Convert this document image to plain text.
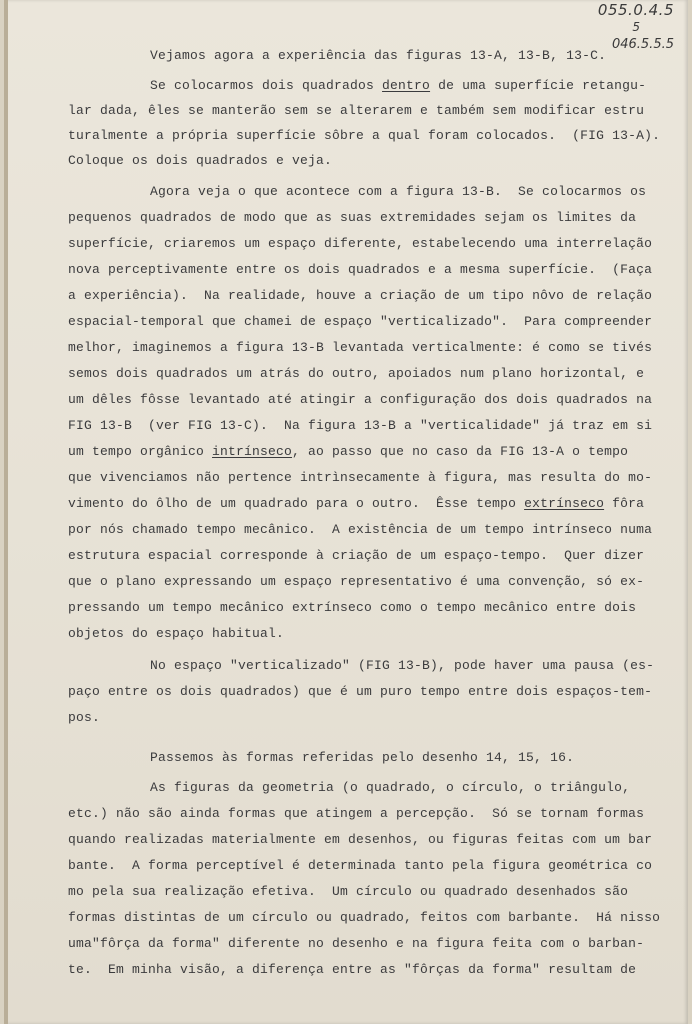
055.0.4.5
5
046.5.5.5
Vejamos agora a experiência das figuras 13-A, 13-B, 13-C.
Se colocarmos dois quadrados dentro de uma superfície retangu-
lar dada, êles se manterão sem se alterarem e também sem modificar estru
turalmente a própria superfície sôbre a qual foram colocados.  (FIG 13-A).
Coloque os dois quadrados e veja.
Agora veja o que acontece com a figura 13-B.  Se colocarmos os
pequenos quadrados de modo que as suas extremidades sejam os limites da
superfície, criaremos um espaço diferente, estabelecendo uma interrelação
nova perceptivamente entre os dois quadrados e a mesma superfície.  (Faça
a experiência).  Na realidade, houve a criação de um tipo nôvo de relação
espacial-temporal que chamei de espaço "verticalizado".  Para compreender
melhor, imaginemos a figura 13-B levantada verticalmente: é como se tivés
semos dois quadrados um atrás do outro, apoiados num plano horizontal, e
um dêles fôsse levantado até atingir a configuração dos dois quadrados na
FIG 13-B  (ver FIG 13-C).  Na figura 13-B a "verticalidade" já traz em si
um tempo orgânico intrínseco, ao passo que no caso da FIG 13-A o tempo
que vivenciamos não pertence intrìnsecamente à figura, mas resulta do mo-
vimento do ôlho de um quadrado para o outro.  Êsse tempo extrínseco fôra
por nós chamado tempo mecânico.  A existência de um tempo intrínseco numa
estrutura espacial corresponde à criação de um espaço-tempo.  Quer dizer
que o plano expressando um espaço representativo é uma convenção, só ex-
pressando um tempo mecânico extrínseco como o tempo mecânico entre dois
objetos do espaço habitual.
No espaço "verticalizado" (FIG 13-B), pode haver uma pausa (es-
paço entre os dois quadrados) que é um puro tempo entre dois espaços-tem-
pos.
Passemos às formas referidas pelo desenho 14, 15, 16.
As figuras da geometria (o quadrado, o círculo, o triângulo,
etc.) não são ainda formas que atingem a percepção.  Só se tornam formas
quando realizadas materialmente em desenhos, ou figuras feitas com um bar
bante.  A forma perceptível é determinada tanto pela figura geométrica co
mo pela sua realização efetiva.  Um círculo ou quadrado desenhados são
formas distintas de um círculo ou quadrado, feitos com barbante.  Há nisso
uma"fôrça da forma" diferente no desenho e na figura feita com o barban-
te.  Em minha visão, a diferença entre as "fôrças da forma" resultam de
